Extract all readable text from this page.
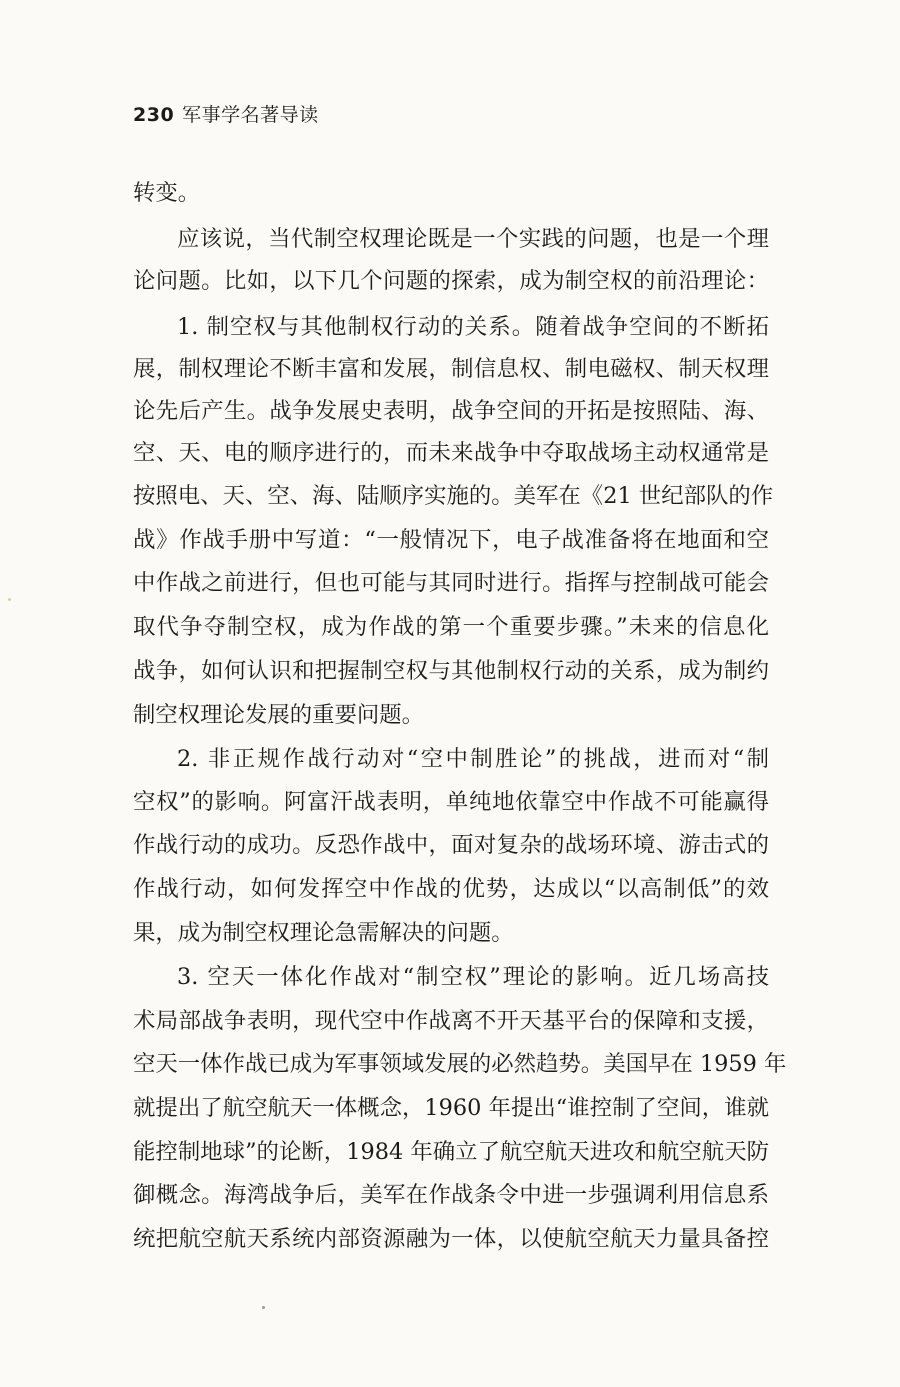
230 军事学名著导读
转变。
应该说，当代制空权理论既是一个实践的问题，也是一个理
论问题。比如，以下几个问题的探索，成为制空权的前沿理论：
1. 制空权与其他制权行动的关系。随着战争空间的不断拓
展，制权理论不断丰富和发展，制信息权、制电磁权、制天权理
论先后产生。战争发展史表明，战争空间的开拓是按照陆、海、
空、天、电的顺序进行的，而未来战争中夺取战场主动权通常是
按照电、天、空、海、陆顺序实施的。美军在《21 世纪部队的作
战》作战手册中写道：“一般情况下，电子战准备将在地面和空
中作战之前进行，但也可能与其同时进行。指挥与控制战可能会
取代争夺制空权，成为作战的第一个重要步骤。”未来的信息化
战争，如何认识和把握制空权与其他制权行动的关系，成为制约
制空权理论发展的重要问题。
2. 非正规作战行动对“空中制胜论”的挑战，进而对“制
空权”的影响。阿富汗战表明，单纯地依靠空中作战不可能赢得
作战行动的成功。反恐作战中，面对复杂的战场环境、游击式的
作战行动，如何发挥空中作战的优势，达成以“以高制低”的效
果，成为制空权理论急需解决的问题。
3. 空天一体化作战对“制空权”理论的影响。近几场高技
术局部战争表明，现代空中作战离不开天基平台的保障和支援，
空天一体作战已成为军事领域发展的必然趋势。美国早在 1959 年
就提出了航空航天一体概念，1960 年提出“谁控制了空间，谁就
能控制地球”的论断，1984 年确立了航空航天进攻和航空航天防
御概念。海湾战争后，美军在作战条令中进一步强调利用信息系
统把航空航天系统内部资源融为一体，以使航空航天力量具备控
